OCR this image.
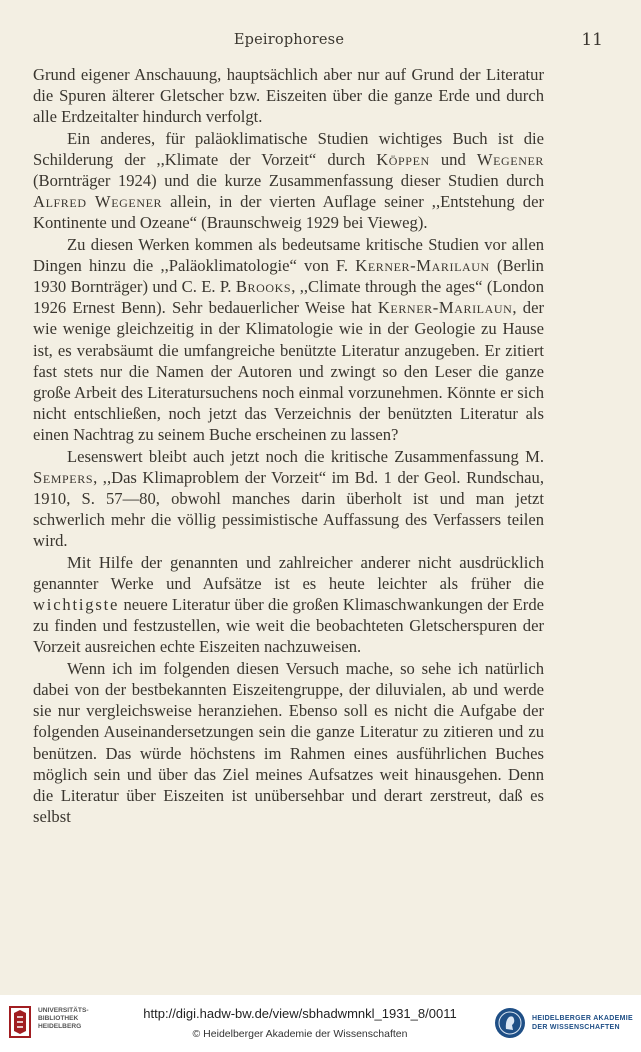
Epeirophorese	11

Grund eigener Anschauung, hauptsächlich aber nur auf Grund der Literatur die Spuren älterer Gletscher bzw. Eiszeiten über die ganze Erde und durch alle Erdzeitalter hindurch verfolgt.

Ein anderes, für paläoklimatische Studien wichtiges Buch ist die Schilderung der ,,Klimate der Vorzeit“ durch Köppen und Wegener (Bornträger 1924) und die kurze Zusammenfassung dieser Studien durch Alfred Wegener allein, in der vierten Auflage seiner ,,Entstehung der Kontinente und Ozeane“ (Braunschweig 1929 bei Vieweg).

Zu diesen Werken kommen als bedeutsame kritische Studien vor allen Dingen hinzu die ,,Paläoklimatologie“ von F. Kerner-Marilaun (Berlin 1930 Bornträger) und C. E. P. Brooks, ,,Climate through the ages“ (London 1926 Ernest Benn). Sehr bedauerlicher Weise hat Kerner-Marilaun, der wie wenige gleichzeitig in der Klimatologie wie in der Geologie zu Hause ist, es verabsäumt die umfangreiche benützte Literatur anzugeben. Er zitiert fast stets nur die Namen der Autoren und zwingt so den Leser die ganze große Arbeit des Literatursuchens noch einmal vorzunehmen. Könnte er sich nicht entschließen, noch jetzt das Verzeichnis der benützten Literatur als einen Nachtrag zu seinem Buche erscheinen zu lassen?

Lesenswert bleibt auch jetzt noch die kritische Zusammenfassung M. Sempers, ,,Das Klimaproblem der Vorzeit“ im Bd. 1 der Geol. Rundschau, 1910, S. 57—80, obwohl manches darin überholt ist und man jetzt schwerlich mehr die völlig pessimistische Auffassung des Verfassers teilen wird.

Mit Hilfe der genannten und zahlreicher anderer nicht ausdrücklich genannter Werke und Aufsätze ist es heute leichter als früher die wichtigste neuere Literatur über die großen Klimaschwankungen der Erde zu finden und festzustellen, wie weit die beobachteten Gletscherspuren der Vorzeit ausreichen echte Eiszeiten nachzuweisen.

Wenn ich im folgenden diesen Versuch mache, so sehe ich natürlich dabei von der bestbekannten Eiszeitengruppe, der diluvialen, ab und werde sie nur vergleichsweise heranziehen. Ebenso soll es nicht die Aufgabe der folgenden Auseinandersetzungen sein die ganze Literatur zu zitieren und zu benützen. Das würde höchstens im Rahmen eines ausführlichen Buches möglich sein und über das Ziel meines Aufsatzes weit hinausgehen. Denn die Literatur über Eiszeiten ist unübersehbar und derart zerstreut, daß es selbst

UNIVERSITÄTS-
BIBLIOTHEK
HEIDELBERG
http://digi.hadw-bw.de/view/sbhadwmnkl_1931_8/0011
© Heidelberger Akademie der Wissenschaften
HEIDELBERGER AKADEMIE
DER WISSENSCHAFTEN
